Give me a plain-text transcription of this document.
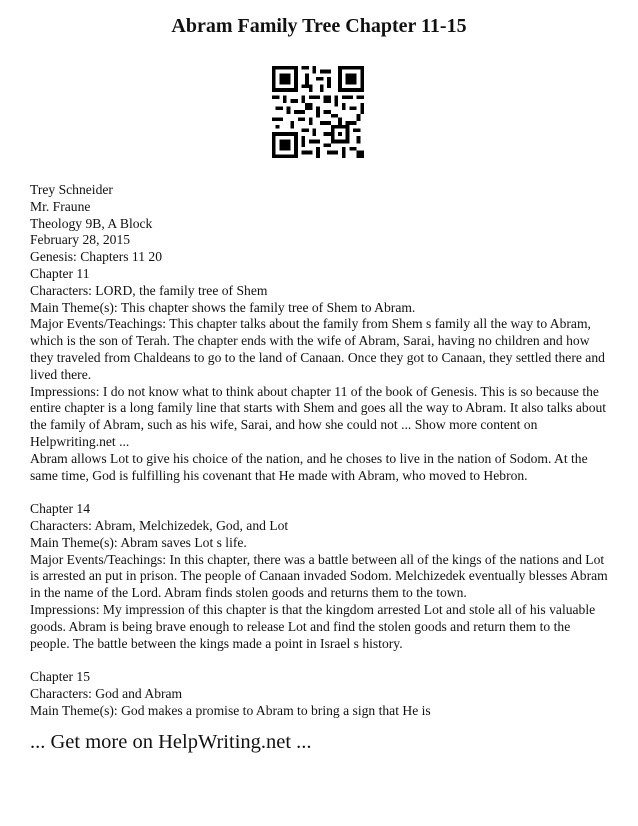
Abram Family Tree Chapter 11-15

Trey Schneider

Mr. Fraune

Theology 9B, A Block

February 28, 2015

Genesis: Chapters 11 20

Chapter 11

Characters: LORD, the family tree of Shem

Main Theme(s): This chapter shows the family tree of Shem to Abram.

Major Events/Teachings: This chapter talks about the family from Shem s family all the way to Abram, which is the son of Terah. The chapter ends with the wife of Abram, Sarai, having no children and how they traveled from Chaldeans to go to the land of Canaan. Once they got to Canaan, they settled there and lived there.

Impressions: I do not know what to think about chapter 11 of the book of Genesis. This is so because the entire chapter is a long family line that starts with Shem and goes all the way to Abram. It also talks about the family of Abram, such as his wife, Sarai, and how she could not ... Show more content on Helpwriting.net ...

Abram allows Lot to give his choice of the nation, and he choses to live in the nation of Sodom. At the same time, God is fulfilling his covenant that He made with Abram, who moved to Hebron.

Chapter 14

Characters: Abram, Melchizedek, God, and Lot

Main Theme(s): Abram saves Lot s life.

Major Events/Teachings: In this chapter, there was a battle between all of the kings of the nations and Lot is arrested an put in prison. The people of Canaan invaded Sodom. Melchizedek eventually blesses Abram in the name of the Lord. Abram finds stolen goods and returns them to the town.

Impressions: My impression of this chapter is that the kingdom arrested Lot and stole all of his valuable goods. Abram is being brave enough to release Lot and find the stolen goods and return them to the people. The battle between the kings made a point in Israel s history.

Chapter 15

Characters: God and Abram

Main Theme(s): God makes a promise to Abram to bring a sign that He is

... Get more on HelpWriting.net ...
